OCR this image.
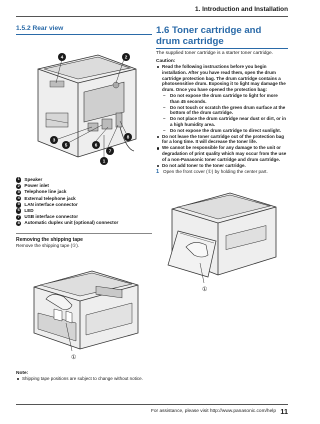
1. Introduction and Installation
1.5.2 Rear view
4	2
3
5	6
7
8
1
1	Speaker
2	Power inlet
3	Telephone line jack
4	External telephone jack
5	LAN interface connector
6	LED
7	USB interface connector
8	Automatic duplex unit (optional) connector
Removing the shipping tape
Remove the shipping tape (①).
①
Note:
Shipping tape positions are subject to change without notice.
1.6 Toner cartridge and drum cartridge
The supplied toner cartridge is a starter toner cartridge.
Caution:
Read the following instructions before you begin installation. After you have read them, open the drum cartridge protection bag. The drum cartridge contains a photosensitive drum. Exposing it to light may damage the drum. Once you have opened the protection bag:
– Do not expose the drum cartridge to light for more than 45 seconds.
– Do not touch or scratch the green drum surface at the bottom of the drum cartridge.
– Do not place the drum cartridge near dust or dirt, or in a high humidity area.
– Do not expose the drum cartridge to direct sunlight.
Do not leave the toner cartridge out of the protection bag for a long time. It will decrease the toner life.
We cannot be responsible for any damage to the unit or degradation of print quality which may occur from the use of a non-Panasonic toner cartridge and drum cartridge.
Do not add toner to the toner cartridge.
1 Open the front cover (①) by holding the center part.
①
For assistance, please visit http://www.panasonic.com/help 11
